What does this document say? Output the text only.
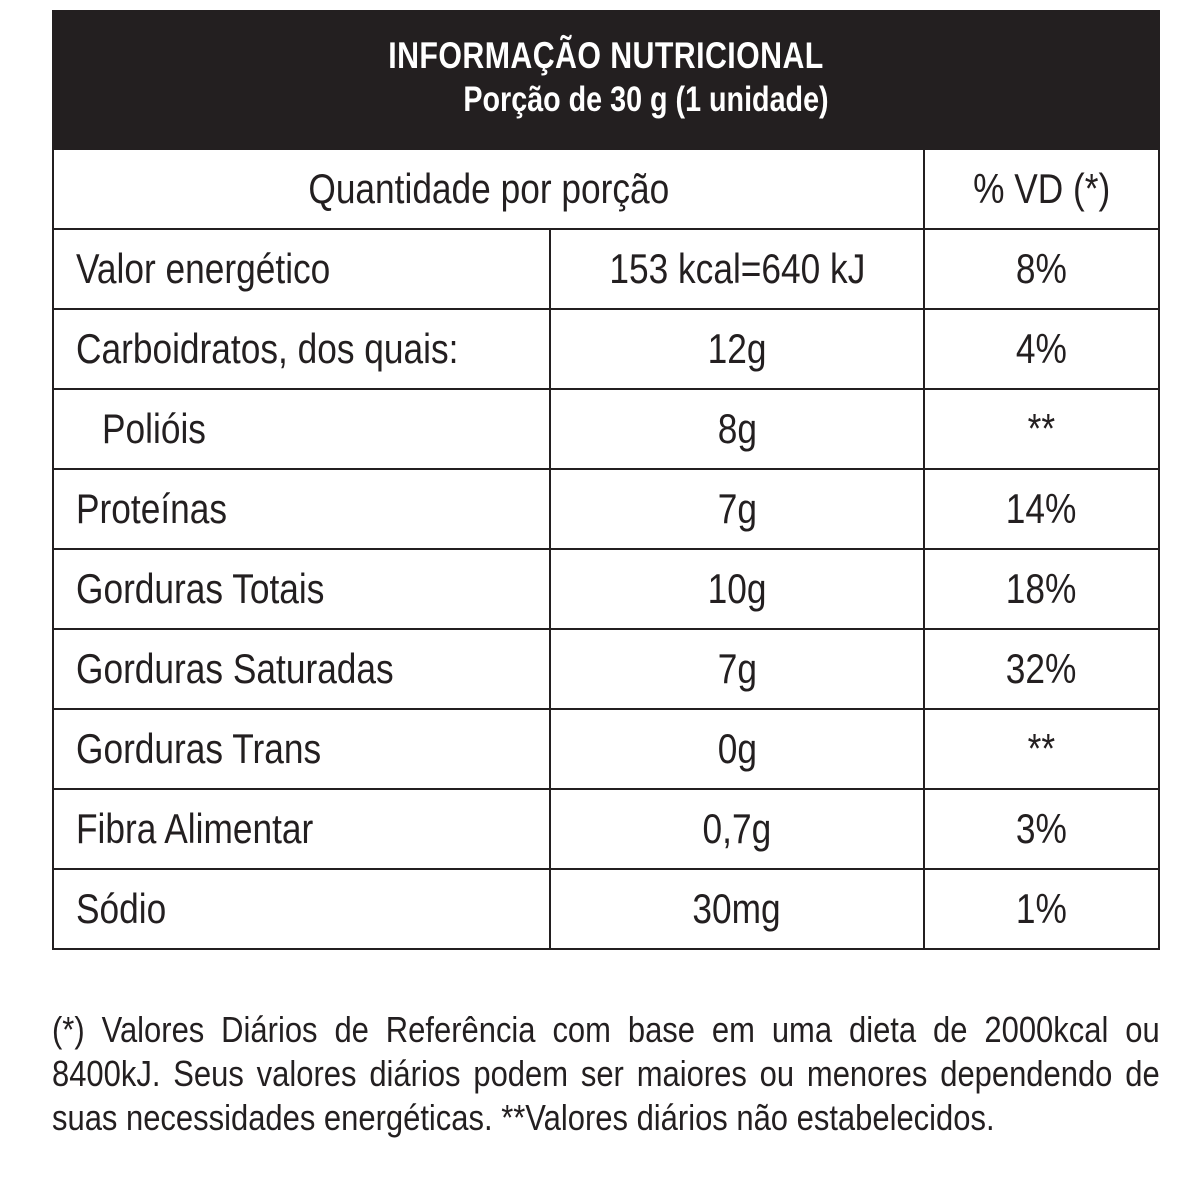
INFORMAÇÃO NUTRICIONAL
Porção de 30 g (1 unidade)
Quantidade por porção	% VD (*)
Valor energético	153 kcal=640 kJ	8%
Carboidratos, dos quais:	12g	4%
Polióis	8g	**
Proteínas	7g	14%
Gorduras Totais	10g	18%
Gorduras Saturadas	7g	32%
Gorduras Trans	0g	**
Fibra Alimentar	0,7g	3%
Sódio	30mg	1%

(*) Valores Diários de Referência com base em uma dieta de 2000kcal ou 8400kJ. Seus valores diários podem ser maiores ou menores dependendo de suas necessidades energéticas. **Valores diários não estabelecidos.
